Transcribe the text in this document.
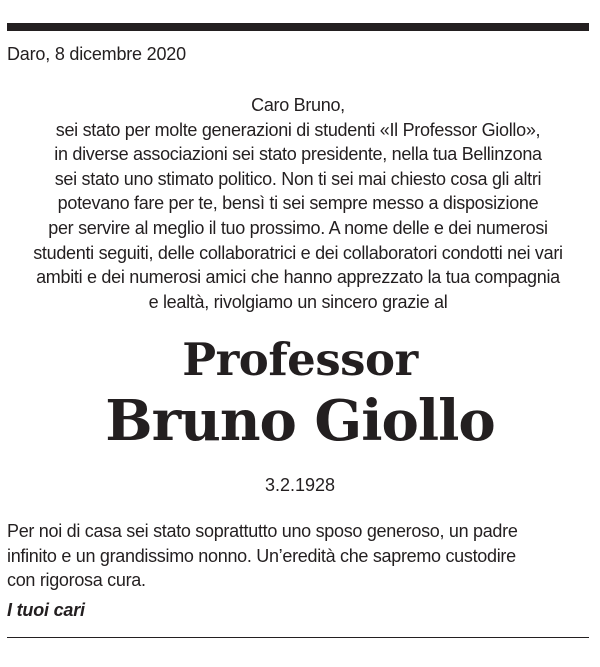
Daro, 8 dicembre 2020
Caro Bruno,
sei stato per molte generazioni di studenti «Il Professor Giollo»,
in diverse associazioni sei stato presidente, nella tua Bellinzona
sei stato uno stimato politico. Non ti sei mai chiesto cosa gli altri
potevano fare per te, bensì ti sei sempre messo a disposizione
per servire al meglio il tuo prossimo. A nome delle e dei numerosi
studenti seguiti, delle collaboratrici e dei collaboratori condotti nei vari
ambiti e dei numerosi amici che hanno apprezzato la tua compagnia
e lealtà, rivolgiamo un sincero grazie al
Professor
Bruno Giollo
3.2.1928
Per noi di casa sei stato soprattutto uno sposo generoso, un padre
infinito e un grandissimo nonno. Un’eredità che sapremo custodire
con rigorosa cura.
I tuoi cari
